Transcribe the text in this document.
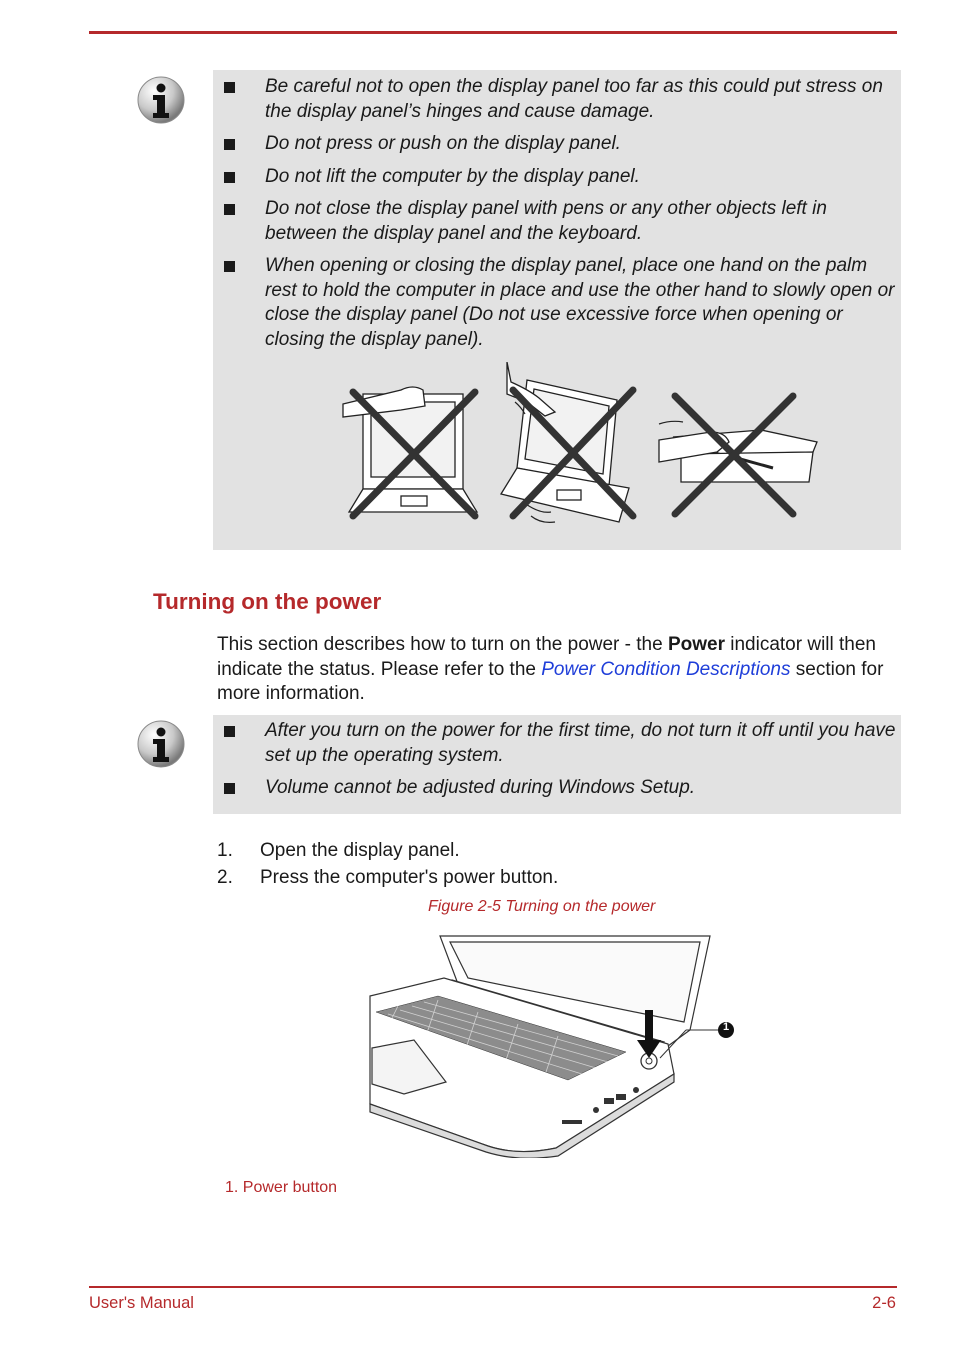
Be careful not to open the display panel too far as this could put stress on the display panel’s hinges and cause damage.
Do not press or push on the display panel.
Do not lift the computer by the display panel.
Do not close the display panel with pens or any other objects left in between the display panel and the keyboard.
When opening or closing the display panel, place one hand on the palm rest to hold the computer in place and use the other hand to slowly open or close the display panel (Do not use excessive force when opening or closing the display panel).
Turning on the power

This section describes how to turn on the power - the Power indicator will then indicate the status. Please refer to the Power Condition Descriptions section for more information.

After you turn on the power for the first time, do not turn it off until you have set up the operating system.
Volume cannot be adjusted during Windows Setup.
1. Open the display panel.
2. Press the computer's power button.
Figure 2-5 Turning on the power
1
1. Power button
User's Manual	2-6
